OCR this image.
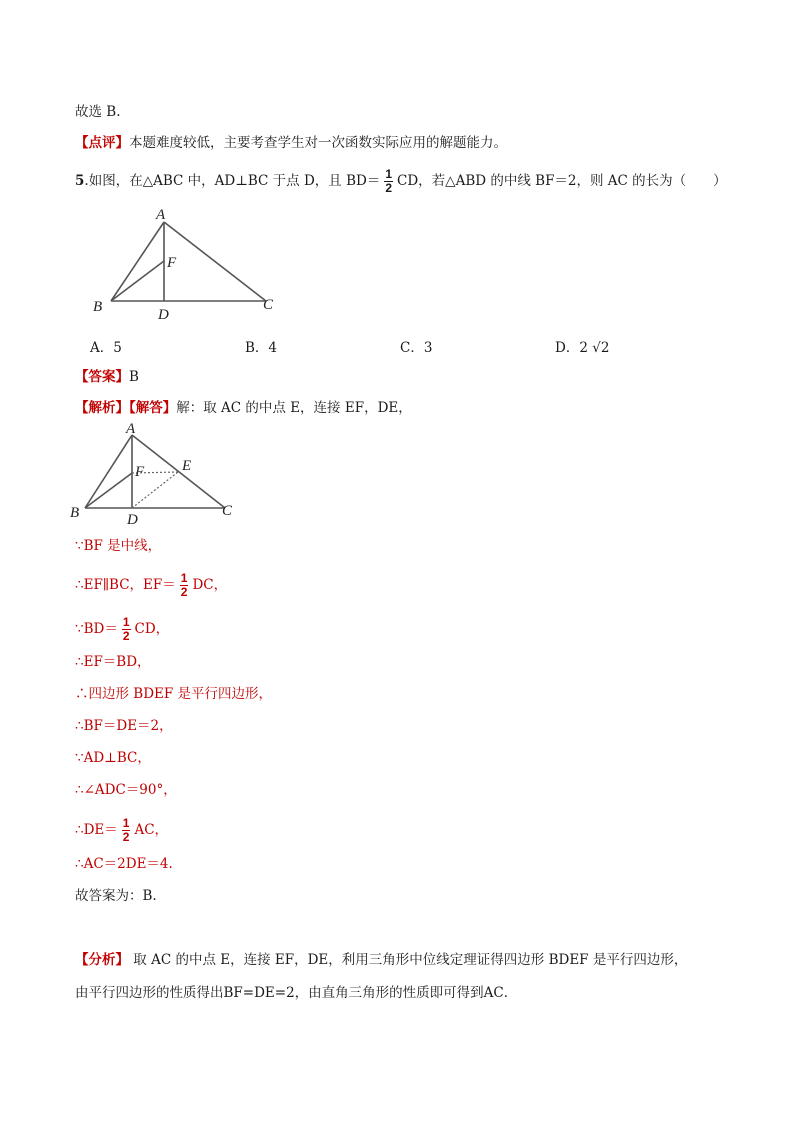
故选 B.
【点评】本题难度较低，主要考查学生对一次函数实际应用的解题能力。
5.如图，在△ABC 中，AD⊥BC 于点 D，且 $BD= \frac{1}{2}$ CD，若△ABD 的中线 BF＝2，则 AC 的长为（　　）
A
B	C
D
F
A．5	B．4	C．3	D．2 √2
【答案】B
【解析】【解答】解：取 AC 的中点 E，连接 EF，DE，
A
B	C
D
E
F
∵BF 是中线，
∴EF∥BC，$EF= \frac{1}{2}$ DC，
∵BD＝ $\frac{1}{2}$ CD，
∴EF＝BD，
∴四边形 BDEF 是平行四边形，
∴BF＝DE＝2，
∵AD⊥BC，
∴∠ADC＝90°，
∴DE＝ $\frac{1}{2}$ AC，
∴AC＝2DE＝4.
故答案为：B.
【分析】 取 AC 的中点 E，连接 EF，DE，利用三角形中位线定理证得四边形 BDEF 是平行四边形，
由平行四边形的性质得出BF=DE=2，由直角三角形的性质即可得到AC．
